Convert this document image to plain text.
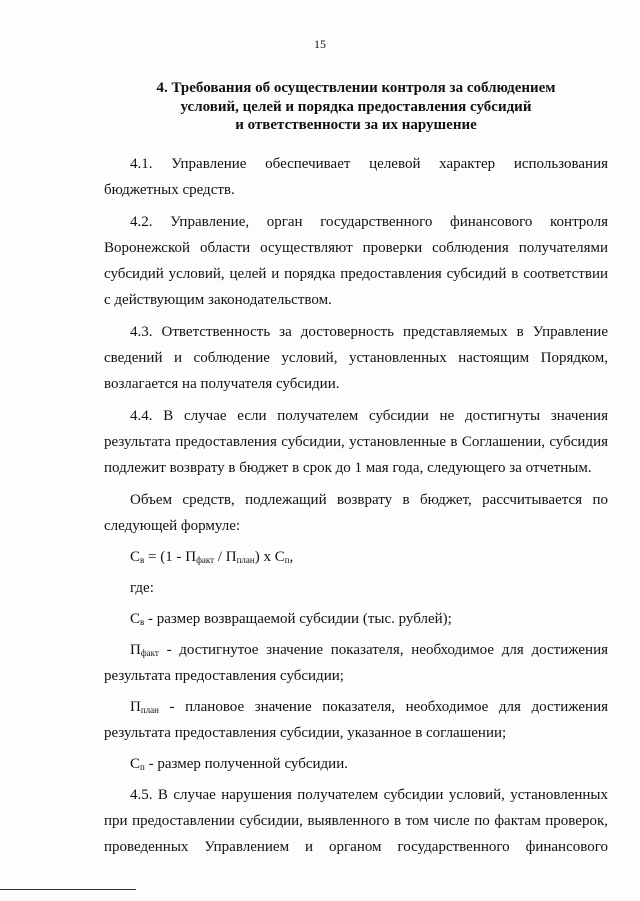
15
4. Требования об осуществлении контроля за соблюдением
условий, целей и порядка предоставления субсидий
и ответственности за их нарушение

4.1. Управление обеспечивает целевой характер использования бюджетных средств.

4.2. Управление, орган государственного финансового контроля Воронежской области осуществляют проверки соблюдения получателями субсидий условий, целей и порядка предоставления субсидий в соответствии с действующим законодательством.

4.3. Ответственность за достоверность представляемых в Управление сведений и соблюдение условий, установленных настоящим Порядком, возлагается на получателя субсидии.

4.4. В случае если получателем субсидии не достигнуты значения результата предоставления субсидии, установленные в Соглашении, субсидия подлежит возврату в бюджет в срок до 1 мая года, следующего за отчетным.

Объем средств, подлежащий возврату в бюджет, рассчитывается по следующей формуле:

$С_в = (1 - П_{факт} / П_{план})$ x $С_п$,

где:

$С_в$ - размер возвращаемой субсидии (тыс. рублей);

$П_{факт}$ - достигнутое значение показателя, необходимое для достижения результата предоставления субсидии;

$П_{план}$ - плановое значение показателя, необходимое для достижения результата предоставления субсидии, указанное в соглашении;

$С_п$ - размер полученной субсидии.

4.5. В случае нарушения получателем субсидии условий, установленных при предоставлении субсидии, выявленного в том числе по фактам проверок, проведенных Управлением и органом государственного финансового
